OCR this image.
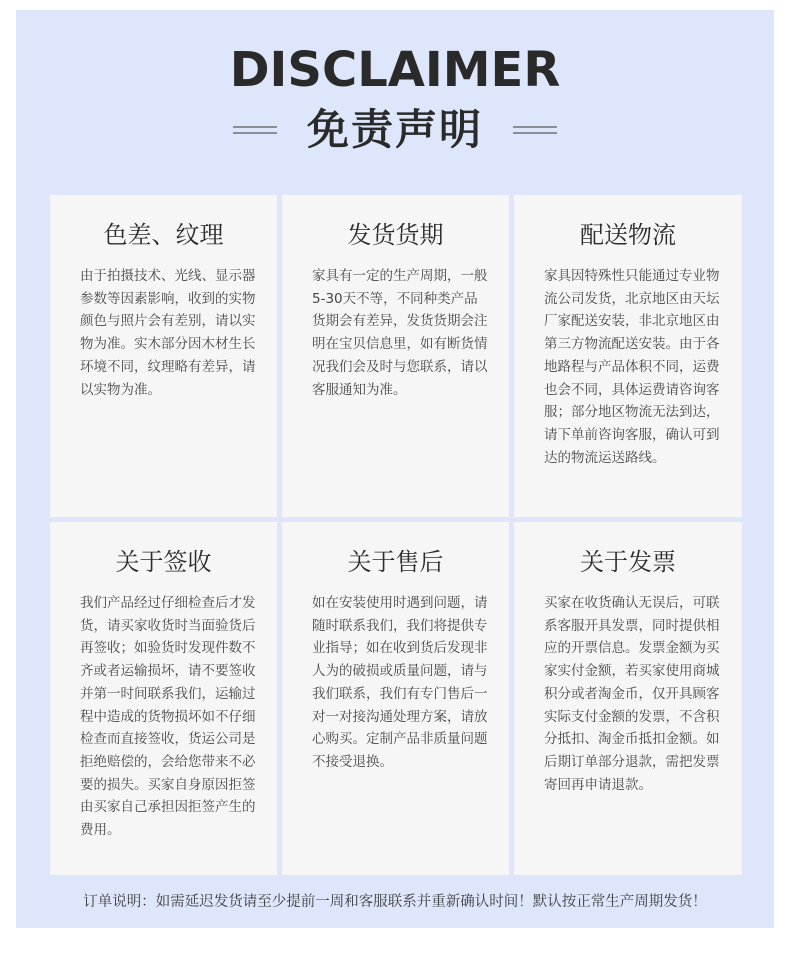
DISCLAIMER
免责声明
色差、纹理
由于拍摄技术、光线、显示器参数等因素影响，收到的实物颜色与照片会有差别，请以实物为准。实木部分因木材生长环境不同，纹理略有差异，请以实物为准。
发货货期
家具有一定的生产周期，一般5-30天不等，不同种类产品货期会有差异，发货货期会注明在宝贝信息里，如有断货情况我们会及时与您联系，请以客服通知为准。
配送物流
家具因特殊性只能通过专业物流公司发货，北京地区由天坛厂家配送安装，非北京地区由第三方物流配送安装。由于各地路程与产品体积不同，运费也会不同，具体运费请咨询客服；部分地区物流无法到达，请下单前咨询客服，确认可到达的物流运送路线。
关于签收
我们产品经过仔细检查后才发货，请买家收货时当面验货后再签收；如验货时发现件数不齐或者运输损坏，请不要签收并第一时间联系我们，运输过程中造成的货物损坏如不仔细检查而直接签收，货运公司是拒绝赔偿的，会给您带来不必要的损失。买家自身原因拒签由买家自己承担因拒签产生的费用。
关于售后
如在安装使用时遇到问题，请随时联系我们，我们将提供专业指导；如在收到货后发现非人为的破损或质量问题，请与我们联系，我们有专门售后一对一对接沟通处理方案，请放心购买。定制产品非质量问题不接受退换。
关于发票
买家在收货确认无误后，可联系客服开具发票，同时提供相应的开票信息。发票金额为买家实付金额，若买家使用商城积分或者淘金币，仅开具顾客实际支付金额的发票，不含积分抵扣、淘金币抵扣金额。如后期订单部分退款，需把发票寄回再申请退款。
订单说明：如需延迟发货请至少提前一周和客服联系并重新确认时间！默认按正常生产周期发货！
